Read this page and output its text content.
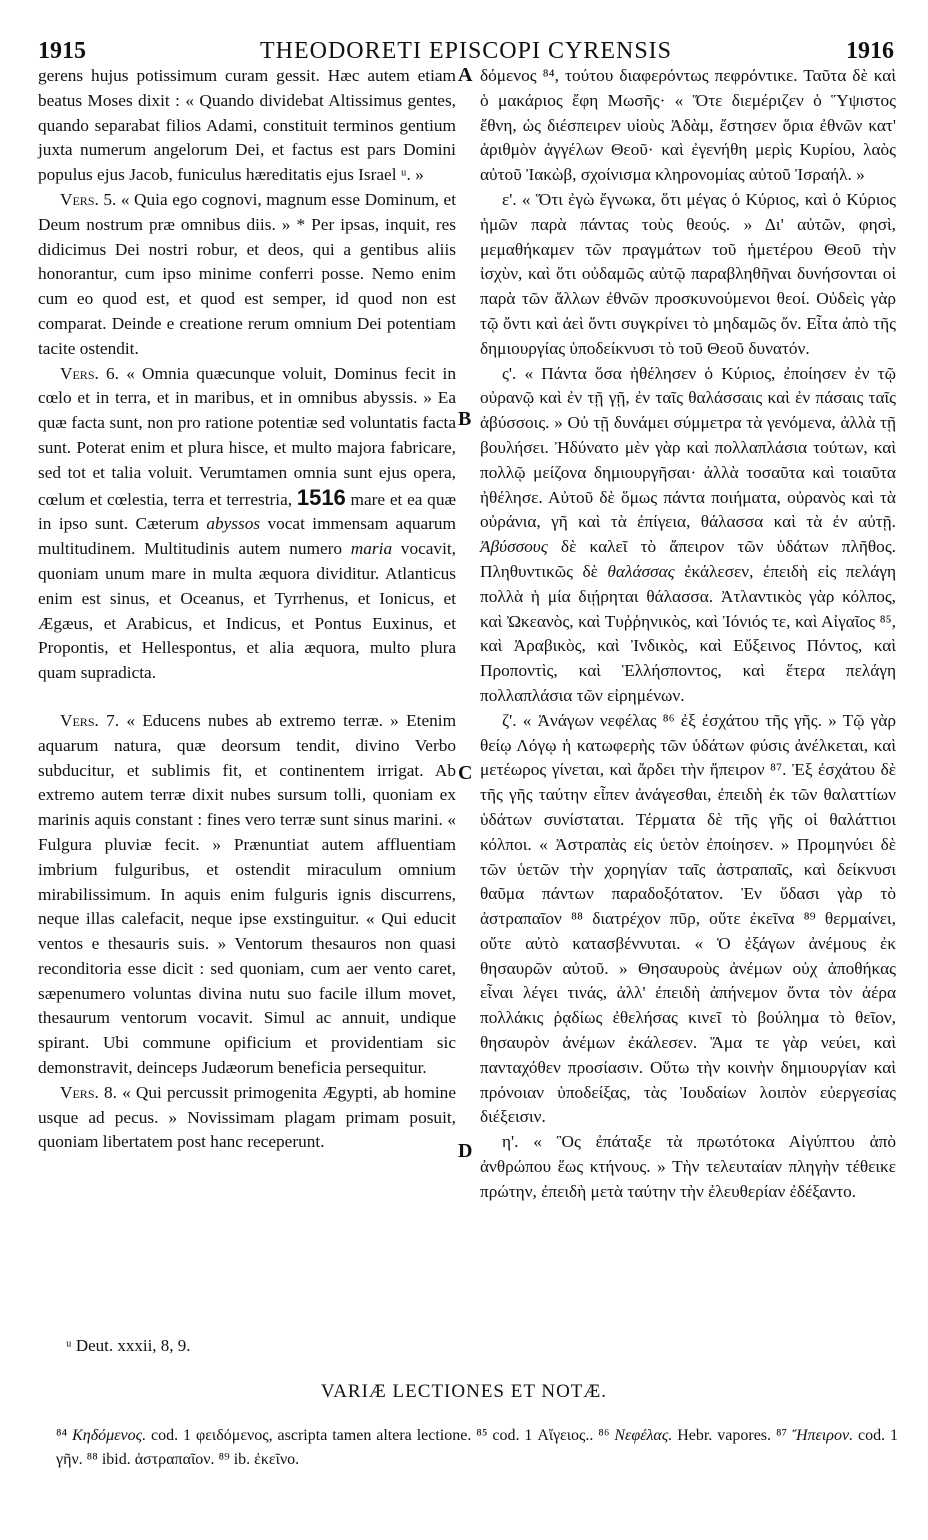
1915	THEODORETI EPISCOPI CYRENSIS	1916

gerens hujus potissimum curam gessit. Hæc autem etiam beatus Moses dixit : « Quando dividebat Altissimus gentes, quando separabat filios Adami, constituit terminos gentium juxta numerum angelorum Dei, et factus est pars Domini populus ejus Jacob, funiculus hæreditatis ejus Israel ᵘ. »

Vers. 5. « Quia ego cognovi, magnum esse Dominum, et Deum nostrum præ omnibus diis. » * Per ipsas, inquit, res didicimus Dei nostri robur, et deos, qui a gentibus aliis honorantur, cum ipso minime conferri posse. Nemo enim cum eo quod est, et quod est semper, id quod non est comparat. Deinde e creatione rerum omnium Dei potentiam tacite ostendit.

Vers. 6. « Omnia quæcunque voluit, Dominus fecit in cœlo et in terra, et in maribus, et in omnibus abyssis. » Ea quæ facta sunt, non pro ratione potentiæ sed voluntatis facta sunt. Poterat enim et plura hisce, et multo majora fabricare, sed tot et talia voluit. Verumtamen omnia sunt ejus opera, cœlum et cœlestia, terra et terrestria, 1516 mare et ea quæ in ipso sunt. Cæterum abyssos vocat immensam aquarum multitudinem. Multitudinis autem numero maria vocavit, quoniam unum mare in multa æquora dividitur. Atlanticus enim est sinus, et Oceanus, et Tyrrhenus, et Ionicus, et Ægæus, et Arabicus, et Indicus, et Pontus Euxinus, et Propontis, et Hellespontus, et alia æquora, multo plura quam supradicta.

Vers. 7. « Educens nubes ab extremo terræ. » Etenim aquarum natura, quæ deorsum tendit, divino Verbo subducitur, et sublimis fit, et continentem irrigat. Ab extremo autem terræ dixit nubes sursum tolli, quoniam ex marinis aquis constant : fines vero terræ sunt sinus marini. « Fulgura pluviæ fecit. » Prænuntiat autem affluentiam imbrium fulguribus, et ostendit miraculum omnium mirabilissimum. In aquis enim fulguris ignis discurrens, neque illas calefacit, neque ipse exstinguitur. « Qui educit ventos e thesauris suis. » Ventorum thesauros non quasi reconditoria esse dicit : sed quoniam, cum aer vento caret, sæpenumero voluntas divina nutu suo facile illum movet, thesaurum ventorum vocavit. Simul ac annuit, undique spirant. Ubi commune opificium et providentiam sic demonstravit, deinceps Judæorum beneficia persequitur.

Vers. 8. « Qui percussit primogenita Ægypti, ab homine usque ad pecus. » Novissimam plagam primam posuit, quoniam libertatem post hanc receperunt.

A
B
C
D

δόμενος ⁸⁴, τούτου διαφερόντως πεφρόντικε. Ταῦτα δὲ καὶ ὁ μακάριος ἔφη Μωσῆς· « Ὅτε διεμέριζεν ὁ Ὕψιστος ἔθνη, ὡς διέσπειρεν υἱοὺς Ἀδὰμ, ἔστησεν ὅρια ἐθνῶν κατ' ἀριθμὸν ἀγγέλων Θεοῦ· καὶ ἐγενήθη μερὶς Κυρίου, λαὸς αὐτοῦ Ἰακὼβ, σχοίνισμα κληρονομίας αὐτοῦ Ἰσραήλ. »

ε'. « Ὅτι ἐγὼ ἔγνωκα, ὅτι μέγας ὁ Κύριος, καὶ ὁ Κύριος ἡμῶν παρὰ πάντας τοὺς θεούς. » Δι' αὐτῶν, φησὶ, μεμαθήκαμεν τῶν πραγμάτων τοῦ ἡμετέρου Θεοῦ τὴν ἰσχὺν, καὶ ὅτι οὐδαμῶς αὐτῷ παραβληθῆναι δυνήσονται οἱ παρὰ τῶν ἄλλων ἐθνῶν προσκυνούμενοι θεοί. Οὐδεὶς γὰρ τῷ ὄντι καὶ ἀεὶ ὄντι συγκρίνει τὸ μηδαμῶς ὄν. Εἶτα ἀπὸ τῆς δημιουργίας ὑποδείκνυσι τὸ τοῦ Θεοῦ δυνατόν.

ς'. « Πάντα ὅσα ἠθέλησεν ὁ Κύριος, ἐποίησεν ἐν τῷ οὐρανῷ καὶ ἐν τῇ γῇ, ἐν ταῖς θαλάσσαις καὶ ἐν πάσαις ταῖς ἀβύσσοις. » Οὐ τῇ δυνάμει σύμμετρα τὰ γενόμενα, ἀλλὰ τῇ βουλήσει. Ἠδύνατο μὲν γὰρ καὶ πολλαπλάσια τούτων, καὶ πολλῷ μείζονα δημιουργῆσαι· ἀλλὰ τοσαῦτα καὶ τοιαῦτα ἠθέλησε. Αὐτοῦ δὲ ὅμως πάντα ποιήματα, οὐρανὸς καὶ τὰ οὐράνια, γῆ καὶ τὰ ἐπίγεια, θάλασσα καὶ τὰ ἐν αὐτῇ. Ἀβύσσους δὲ καλεῖ τὸ ἄπειρον τῶν ὑδάτων πλῆθος. Πληθυντικῶς δὲ θαλάσσας ἐκάλεσεν, ἐπειδὴ εἰς πελάγη πολλὰ ἡ μία διῄρηται θάλασσα. Ἀτλαντικὸς γὰρ κόλπος, καὶ Ὠκεανὸς, καὶ Τυῤῥηνικὸς, καὶ Ἰόνιός τε, καὶ Αἰγαῖος ⁸⁵, καὶ Ἀραβικὸς, καὶ Ἰνδικὸς, καὶ Εὔξεινος Πόντος, καὶ Προποντὶς, καὶ Ἑλλήσποντος, καὶ ἕτερα πελάγη πολλαπλάσια τῶν εἰρημένων.

ζ'. « Ἀνάγων νεφέλας ⁸⁶ ἐξ ἐσχάτου τῆς γῆς. » Τῷ γὰρ θείῳ Λόγῳ ἡ κατωφερὴς τῶν ὑδάτων φύσις ἀνέλκεται, καὶ μετέωρος γίνεται, καὶ ἄρδει τὴν ἤπειρον ⁸⁷. Ἐξ ἐσχάτου δὲ τῆς γῆς ταύτην εἶπεν ἀνάγεσθαι, ἐπειδὴ ἐκ τῶν θαλαττίων ὑδάτων συνίσταται. Τέρματα δὲ τῆς γῆς οἱ θαλάττιοι κόλποι. « Ἀστραπὰς εἰς ὑετὸν ἐποίησεν. » Προμηνύει δὲ τῶν ὑετῶν τὴν χορηγίαν ταῖς ἀστραπαῖς, καὶ δείκνυσι θαῦμα πάντων παραδοξότατον. Ἐν ὕδασι γὰρ τὸ ἀστραπαῖον ⁸⁸ διατρέχον πῦρ, οὔτε ἐκεῖνα ⁸⁹ θερμαίνει, οὔτε αὐτὸ κατασβέννυται. « Ὁ ἐξάγων ἀνέμους ἐκ θησαυρῶν αὐτοῦ. » Θησαυροὺς ἀνέμων οὐχ ἀποθήκας εἶναι λέγει τινάς, ἀλλ' ἐπειδὴ ἀπήνεμον ὄντα τὸν ἀέρα πολλάκις ῥᾳδίως ἐθελήσας κινεῖ τὸ βούλημα τὸ θεῖον, θησαυρὸν ἀνέμων ἐκάλεσεν. Ἅμα τε γὰρ νεύει, καὶ πανταχόθεν προσίασιν. Οὕτω τὴν κοινὴν δημιουργίαν καὶ πρόνοιαν ὑποδείξας, τὰς Ἰουδαίων λοιπὸν εὐεργεσίας διέξεισιν.

η'. « Ὃς ἐπάταξε τὰ πρωτότοκα Αἰγύπτου ἀπὸ ἀνθρώπου ἕως κτήνους. » Τὴν τελευταίαν πληγὴν τέθεικε πρώτην, ἐπειδὴ μετὰ ταύτην τὴν ἐλευθερίαν ἐδέξαντο.

ᵘ Deut. xxxii, 8, 9.
VARIÆ LECTIONES ET NOTÆ.
⁸⁴ Κηδόμενος. cod. 1 φειδόμενος, ascripta tamen altera lectione. ⁸⁵ cod. 1 Αἴγειος.. ⁸⁶ Νεφέλας. Hebr. vapores. ⁸⁷ Ἤπειρον. cod. 1 γῆν. ⁸⁸ ibid. ἀστραπαῖον. ⁸⁹ ib. ἐκεῖνο.
